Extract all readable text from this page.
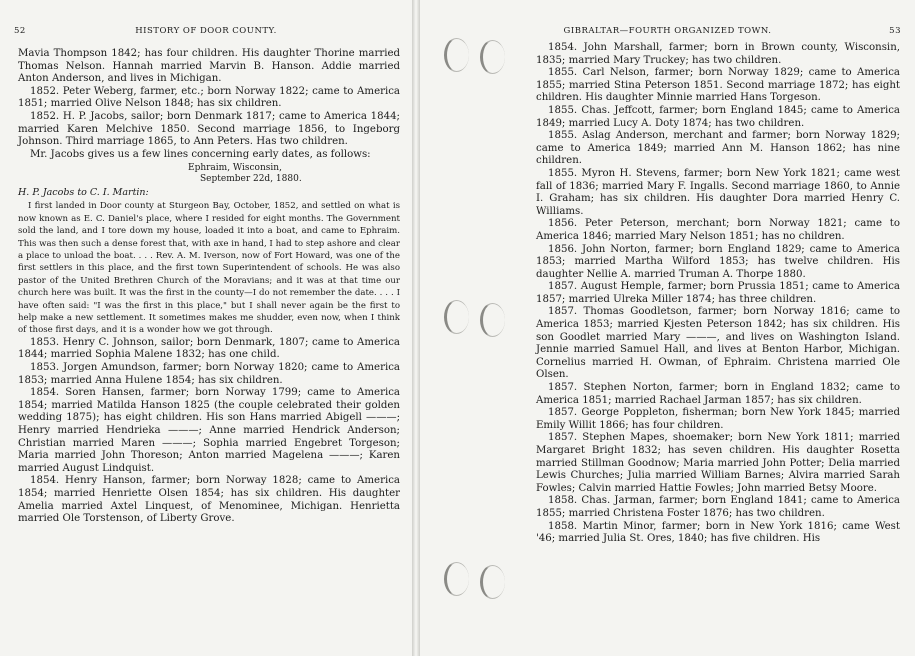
52	HISTORY OF DOOR COUNTY.

Mavia Thompson 1842; has four children. His daughter Thorine married Thomas Nelson. Hannah married Marvin B. Hanson. Addie married Anton Anderson, and lives in Michigan.

1852. Peter Weberg, farmer, etc.; born Norway 1822; came to America 1851; married Olive Nelson 1848; has six children.

1852. H. P. Jacobs, sailor; born Denmark 1817; came to America 1844; married Karen Melchive 1850. Second marriage 1856, to Ingeborg Johnson. Third marriage 1865, to Ann Peters. Has two children.

Mr. Jacobs gives us a few lines concerning early dates, as follows:

Ephraim, Wisconsin,
September 22d, 1880.
H. P. Jacobs to C. I. Martin:

I first landed in Door county at Sturgeon Bay, October, 1852, and settled on what is now known as E. C. Daniel's place, where I resided for eight months. The Government sold the land, and I tore down my house, loaded it into a boat, and came to Ephraim. This was then such a dense forest that, with axe in hand, I had to step ashore and clear a place to unload the boat. . . . Rev. A. M. Iverson, now of Fort Howard, was one of the first settlers in this place, and the first town Superintendent of schools. He was also pastor of the United Brethren Church of the Moravians; and it was at that time our church here was built. It was the first in the county—I do not remember the date. . . . I have often said: "I was the first in this place," but I shall never again be the first to help make a new settlement. It sometimes makes me shudder, even now, when I think of those first days, and it is a wonder how we got through.

1853. Henry C. Johnson, sailor; born Denmark, 1807; came to America 1844; married Sophia Malene 1832; has one child.

1853. Jorgen Amundson, farmer; born Norway 1820; came to America 1853; married Anna Hulene 1854; has six children.

1854. Soren Hansen, farmer; born Norway 1799; came to America 1854; married Matilda Hanson 1825 (the couple celebrated their golden wedding 1875); has eight children. His son Hans married Abigell ———; Henry married Hendrieka ———; Anne married Hendrick Anderson; Christian married Maren ———; Sophia married Engebret Torgeson; Maria married John Thoreson; Anton married Magelena ———; Karen married August Lindquist.

1854. Henry Hanson, farmer; born Norway 1828; came to America 1854; married Henriette Olsen 1854; has six children. His daughter Amelia married Axtel Linquest, of Menominee, Michigan. Henrietta married Ole Torstenson, of Liberty Grove.

GIBRALTAR—FOURTH ORGANIZED TOWN.	53

1854. John Marshall, farmer; born in Brown county, Wisconsin, 1835; married Mary Truckey; has two children.

1855. Carl Nelson, farmer; born Norway 1829; came to America 1855; married Stina Peterson 1851. Second marriage 1872; has eight children. His daughter Minnie married Hans Torgeson.

1855. Chas. Jeffcott, farmer; born England 1845; came to America 1849; married Lucy A. Doty 1874; has two children.

1855. Aslag Anderson, merchant and farmer; born Norway 1829; came to America 1849; married Ann M. Hanson 1862; has nine children.

1855. Myron H. Stevens, farmer; born New York 1821; came west fall of 1836; married Mary F. Ingalls. Second marriage 1860, to Annie I. Graham; has six children. His daughter Dora married Henry C. Williams.

1856. Peter Peterson, merchant; born Norway 1821; came to America 1846; married Mary Nelson 1851; has no children.

1856. John Norton, farmer; born England 1829; came to America 1853; married Martha Wilford 1853; has twelve children. His daughter Nellie A. married Truman A. Thorpe 1880.

1857. August Hemple, farmer; born Prussia 1851; came to America 1857; married Ulreka Miller 1874; has three children.

1857. Thomas Goodletson, farmer; born Norway 1816; came to America 1853; married Kjesten Peterson 1842; has six children. His son Goodlet married Mary ———, and lives on Washington Island. Jennie married Samuel Hall, and lives at Benton Harbor, Michigan. Cornelius married H. Owman, of Ephraim. Christena married Ole Olsen.

1857. Stephen Norton, farmer; born in England 1832; came to America 1851; married Rachael Jarman 1857; has six children.

1857. George Poppleton, fisherman; born New York 1845; married Emily Willit 1866; has four children.

1857. Stephen Mapes, shoemaker; born New York 1811; married Margaret Bright 1832; has seven children. His daughter Rosetta married Stillman Goodnow; Maria married John Potter; Delia married Lewis Churches; Julia married William Barnes; Alvira married Sarah Fowles; Calvin married Hattie Fowles; John married Betsy Moore.

1858. Chas. Jarman, farmer; born England 1841; came to America 1855; married Christena Foster 1876; has two children.

1858. Martin Minor, farmer; born in New York 1816; came West '46; married Julia St. Ores, 1840; has five children. His
